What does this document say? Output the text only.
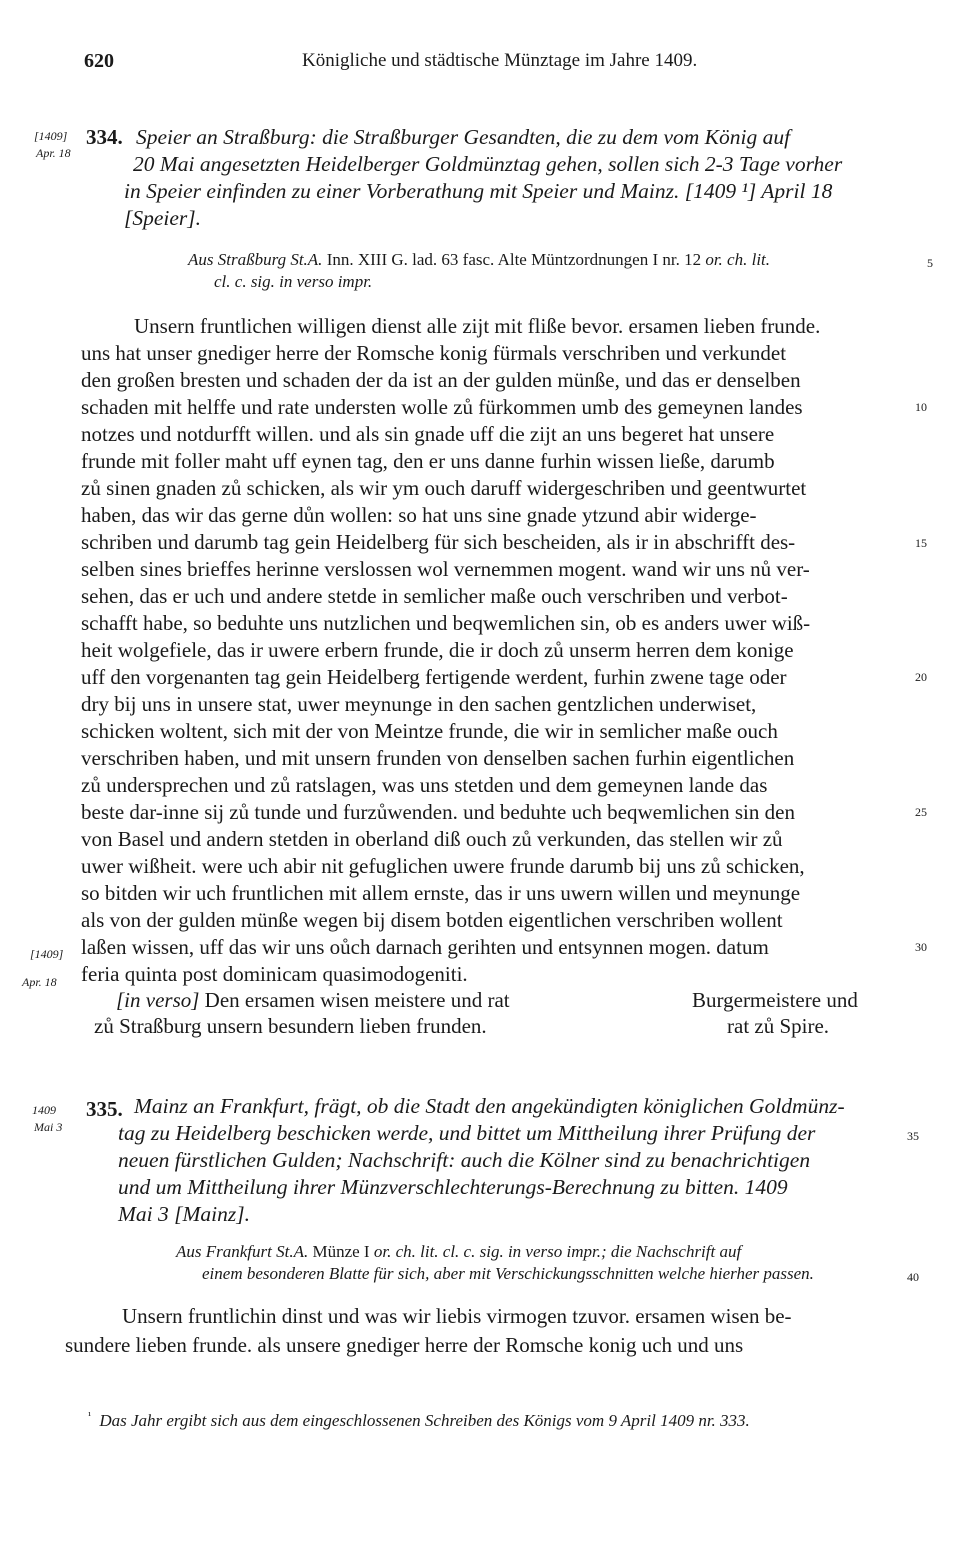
620	Königliche und städtische Münztage im Jahre 1409.
[1409]
Apr. 18
334. Speier an Straßburg: die Straßburger Gesandten, die zu dem vom König auf
20 Mai angesetzten Heidelberger Goldmünztag gehen, sollen sich 2-3 Tage vorher
in Speier einfinden zu einer Vorberathung mit Speier und Mainz. [1409 ¹] April 18
[Speier].
Aus Straßburg St.A. Inn. XIII G. lad. 63 fasc. Alte Müntzordnungen I nr. 12 or. ch. lit.
cl. c. sig. in verso impr.
Unsern fruntlichen willigen dienst alle zijt mit fliße bevor. ersamen lieben frunde.
uns hat unser gnediger herre der Romsche konig fürmals verschriben und verkundet
den großen bresten und schaden der da ist an der gulden münße, und das er denselben
schaden mit helffe und rate understen wolle zů fürkommen umb des gemeynen landes
notzes und notdurfft willen. und als sin gnade uff die zijt an uns begeret hat unsere
frunde mit foller maht uff eynen tag, den er uns danne furhin wissen ließe, darumb
zů sinen gnaden zů schicken, als wir ym ouch daruff widergeschriben und geentwurtet
haben, das wir das gerne důn wollen: so hat uns sine gnade ytzund abir widerge-
schriben und darumb tag gein Heidelberg für sich bescheiden, als ir in abschrifft des-
selben sines brieffes herinne verslossen wol vernemmen mogent. wand wir uns nů ver-
sehen, das er uch und andere stetde in semlicher maße ouch verschriben und verbot-
schafft habe, so beduhte uns nutzlichen und beqwemlichen sin, ob es anders uwer wiß-
heit wolgefiele, das ir uwere erbern frunde, die ir doch zů unserm herren dem konige
uff den vorgenanten tag gein Heidelberg fertigende werdent, furhin zwene tage oder
dry bij uns in unsere stat, uwer meynunge in den sachen gentzlichen underwiset,
schicken woltent, sich mit der von Meintze frunde, die wir in semlicher maße ouch
verschriben haben, und mit unsern frunden von denselben sachen furhin eigentlichen
zů undersprechen und zů ratslagen, was uns stetden und dem gemeynen lande das
beste dar-inne sij zů tunde und furzůwenden. und beduhte uch beqwemlichen sin den
von Basel und andern stetden in oberland diß ouch zů verkunden, das stellen wir zů
uwer wißheit. were uch abir nit gefuglichen uwere frunde darumb bij uns zů schicken,
so bitden wir uch fruntlichen mit allem ernste, das ir uns uwern willen und meynunge
als von der gulden münße wegen bij disem botden eigentlichen verschriben wollent
laßen wissen, uff das wir uns oůch darnach gerihten und entsynnen mogen. datum
feria quinta post dominicam quasimodogeniti.
[1409]
Apr. 18
[in verso] Den ersamen wisen meistere und rat
zů Straßburg unsern besundern lieben frunden.
Burgermeistere und
rat zů Spire.
1409
Mai 3
335. Mainz an Frankfurt, frägt, ob die Stadt den angekündigten königlichen Goldmünz-
tag zu Heidelberg beschicken werde, und bittet um Mittheilung ihrer Prüfung der
neuen fürstlichen Gulden; Nachschrift: auch die Kölner sind zu benachrichtigen
und um Mittheilung ihrer Münzverschlechterungs-Berechnung zu bitten. 1409
Mai 3 [Mainz].
Aus Frankfurt St.A. Münze I or. ch. lit. cl. c. sig. in verso impr.; die Nachschrift auf
einem besonderen Blatte für sich, aber mit Verschickungsschnitten welche hierher passen.
Unsern fruntlichin dinst und was wir liebis virmogen tzuvor. ersamen wisen be-
sundere lieben frunde. als unsere gnediger herre der Romsche konig uch und uns
5
10
15
20
25
30
35
40
$^{^1}$ Das Jahr ergibt sich aus dem eingeschlossenen Schreiben des Königs vom 9 April 1409 nr. 333.
